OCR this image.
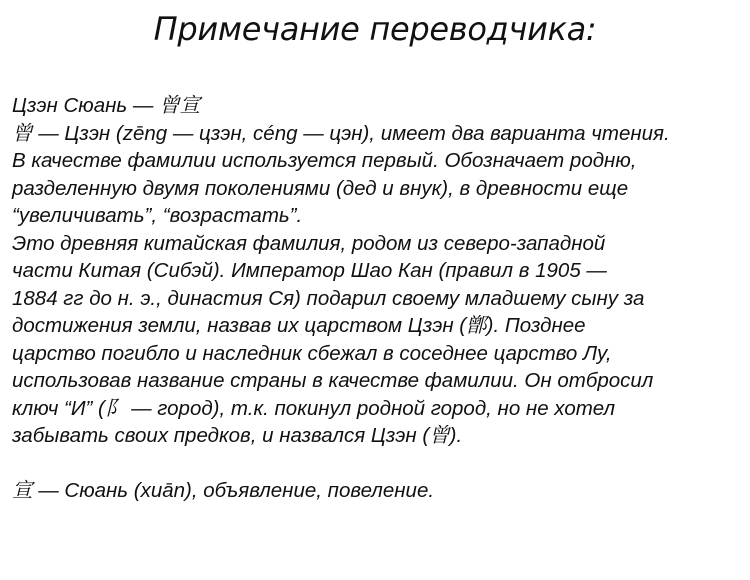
Примечание переводчика:
Цзэн Сюань — 曾宣
曾 — Цзэн (zēng — цзэн, céng — цэн), имеет два варианта чтения.
В качестве фамилии используется первый. Обозначает родню,
разделенную двумя поколениями (дед и внук), в древности еще
“увеличивать”, “возрастать”.
Это древняя китайская фамилия, родом из северо-западной
части Китая (Сибэй). Император Шао Кан (правил в 1905 —
1884 гг до н. э., династия Ся) подарил своему младшему сыну за
достижения земли, назвав их царством Цзэн (鄫). Позднее
царство погибло и наследник сбежал в соседнее царство Лу,
использовав название страны в качестве фамилии. Он отбросил
ключ “И” (阝 — город), т.к. покинул родной город, но не хотел
забывать своих предков, и назвался Цзэн (曾).
宣 — Сюань (xuān), объявление, повеление.
